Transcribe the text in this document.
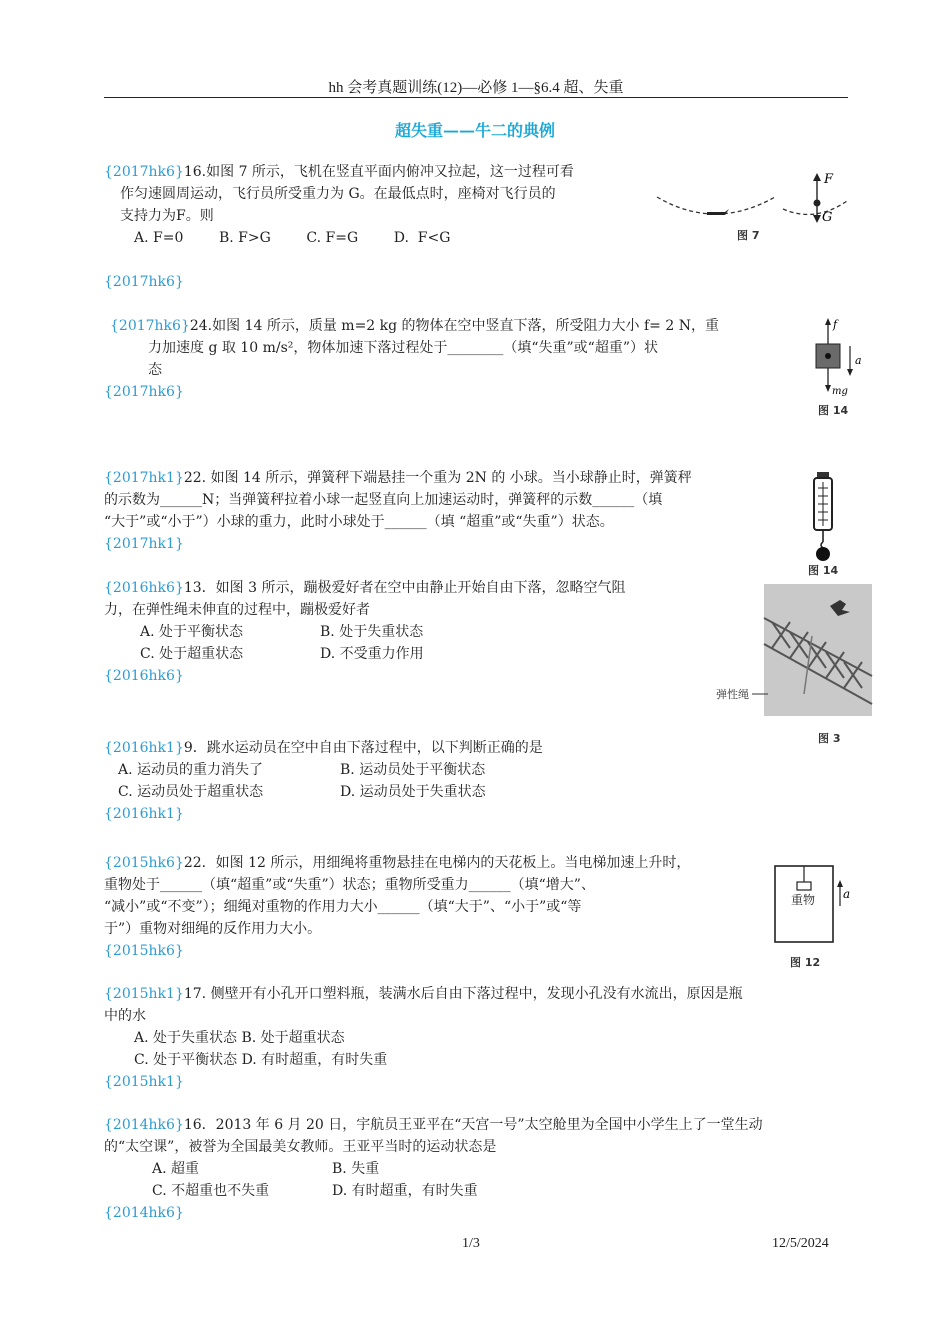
hh 会考真题训练(12)—必修 1—§6.4 超、失重
超失重——牛二的典例
{2017hk6}16.如图 7 所示，飞机在竖直平面内俯冲又拉起，这一过程可看
作匀速圆周运动，飞行员所受重力为 G。在最低点时，座椅对飞行员的
支持力为F。则
A. F=0        B. F>G        C. F=G        D.  F<G
{2017hk6}
F
G
图 7
{2017hk6}24.如图 14 所示，质量 m=2 kg 的物体在空中竖直下落，所受阻力大小 f= 2 N，重
力加速度 g 取 10 m/s²，物体加速下落过程处于________（填“失重”或“超重”）状
态
{2017hk6}
f
a
mg
图 14
{2017hk1}22. 如图 14 所示，弹簧秤下端悬挂一个重为 2N 的 小球。当小球静止时，弹簧秤
的示数为______N；当弹簧秤拉着小球一起竖直向上加速运动时，弹簧秤的示数______（填
“大于”或“小于”）小球的重力，此时小球处于______（填 “超重”或“失重”）状态。
{2017hk1}
图 14
{2016hk6}13．如图 3 所示，蹦极爱好者在空中由静止开始自由下落，忽略空气阻
力，在弹性绳未伸直的过程中，蹦极爱好者
A. 处于平衡状态	B. 处于失重状态
C. 处于超重状态	D. 不受重力作用
{2016hk6}
弹性绳
图 3
{2016hk1}9．跳水运动员在空中自由下落过程中，以下判断正确的是
A. 运动员的重力消失了	B. 运动员处于平衡状态
C. 运动员处于超重状态	D. 运动员处于失重状态
{2016hk1}
{2015hk6}22．如图 12 所示，用细绳将重物悬挂在电梯内的天花板上。当电梯加速上升时，
重物处于______（填“超重”或“失重”）状态；重物所受重力______（填“增大”、
“减小”或“不变”）；细绳对重物的作用力大小______（填“大于”、“小于”或“等
于”）重物对细绳的反作用力大小。
{2015hk6}
重物 a
图 12
{2015hk1}17. 侧壁开有小孔开口塑料瓶，装满水后自由下落过程中，发现小孔没有水流出，原因是瓶
中的水
A. 处于失重状态 B. 处于超重状态
C. 处于平衡状态 D. 有时超重，有时失重
{2015hk1}
{2014hk6}16．2013 年 6 月 20 日，宇航员王亚平在“天宫一号”太空舱里为全国中小学生上了一堂生动
的“太空课”，被誉为全国最美女教师。王亚平当时的运动状态是
A. 超重	B. 失重
C. 不超重也不失重	D. 有时超重，有时失重
{2014hk6}
1/3	12/5/2024
